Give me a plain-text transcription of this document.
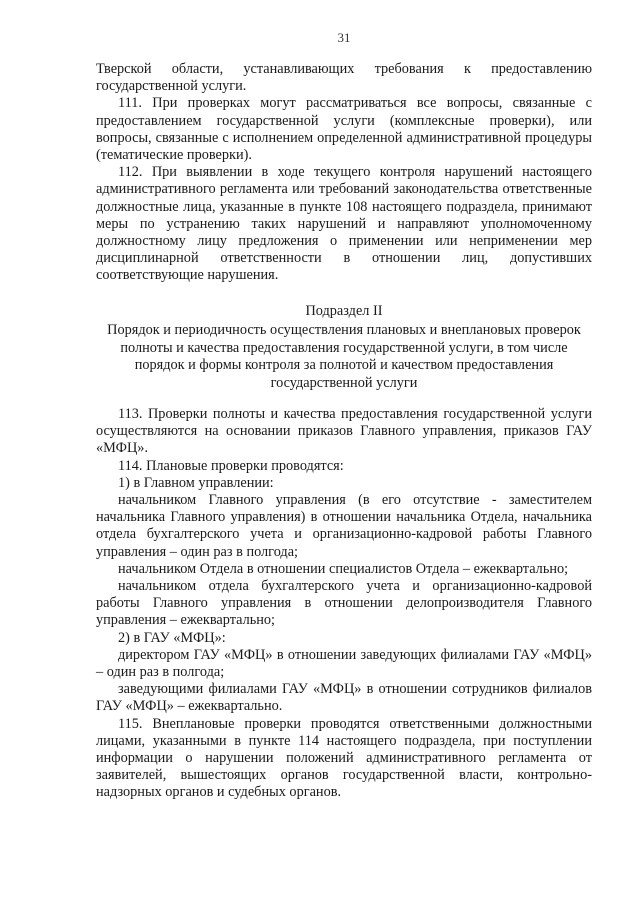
31

Тверской области, устанавливающих требования к предоставлению государственной услуги.

111. При проверках могут рассматриваться все вопросы, связанные с предоставлением государственной услуги (комплексные проверки), или вопросы, связанные с исполнением определенной административной процедуры (тематические проверки).

112. При выявлении в ходе текущего контроля нарушений настоящего административного регламента или требований законодательства ответственные должностные лица, указанные в пункте 108 настоящего подраздела, принимают меры по устранению таких нарушений и направляют уполномоченному должностному лицу предложения о применении или неприменении мер дисциплинарной ответственности в отношении лиц, допустивших соответствующие нарушения.

Подраздел II

Порядок и периодичность осуществления плановых и внеплановых проверок полноты и качества предоставления государственной услуги, в том числе порядок и формы контроля за полнотой и качеством предоставления государственной услуги

113. Проверки полноты и качества предоставления государственной услуги осуществляются на основании приказов Главного управления, приказов ГАУ «МФЦ».

114. Плановые проверки проводятся:

1) в Главном управлении:

начальником Главного управления (в его отсутствие - заместителем начальника Главного управления) в отношении начальника Отдела, начальника отдела бухгалтерского учета и организационно-кадровой работы Главного управления – один раз в полгода;

начальником Отдела в отношении специалистов Отдела – ежеквартально;

начальником отдела бухгалтерского учета и организационно-кадровой работы Главного управления в отношении делопроизводителя Главного управления – ежеквартально;

2) в ГАУ «МФЦ»:

директором ГАУ «МФЦ» в отношении заведующих филиалами ГАУ «МФЦ» – один раз в полгода;

заведующими филиалами ГАУ «МФЦ» в отношении сотрудников филиалов ГАУ «МФЦ» – ежеквартально.

115. Внеплановые проверки проводятся ответственными должностными лицами, указанными в пункте 114 настоящего подраздела, при поступлении информации о нарушении положений административного регламента от заявителей, вышестоящих органов государственной власти, контрольно-надзорных органов и судебных органов.
